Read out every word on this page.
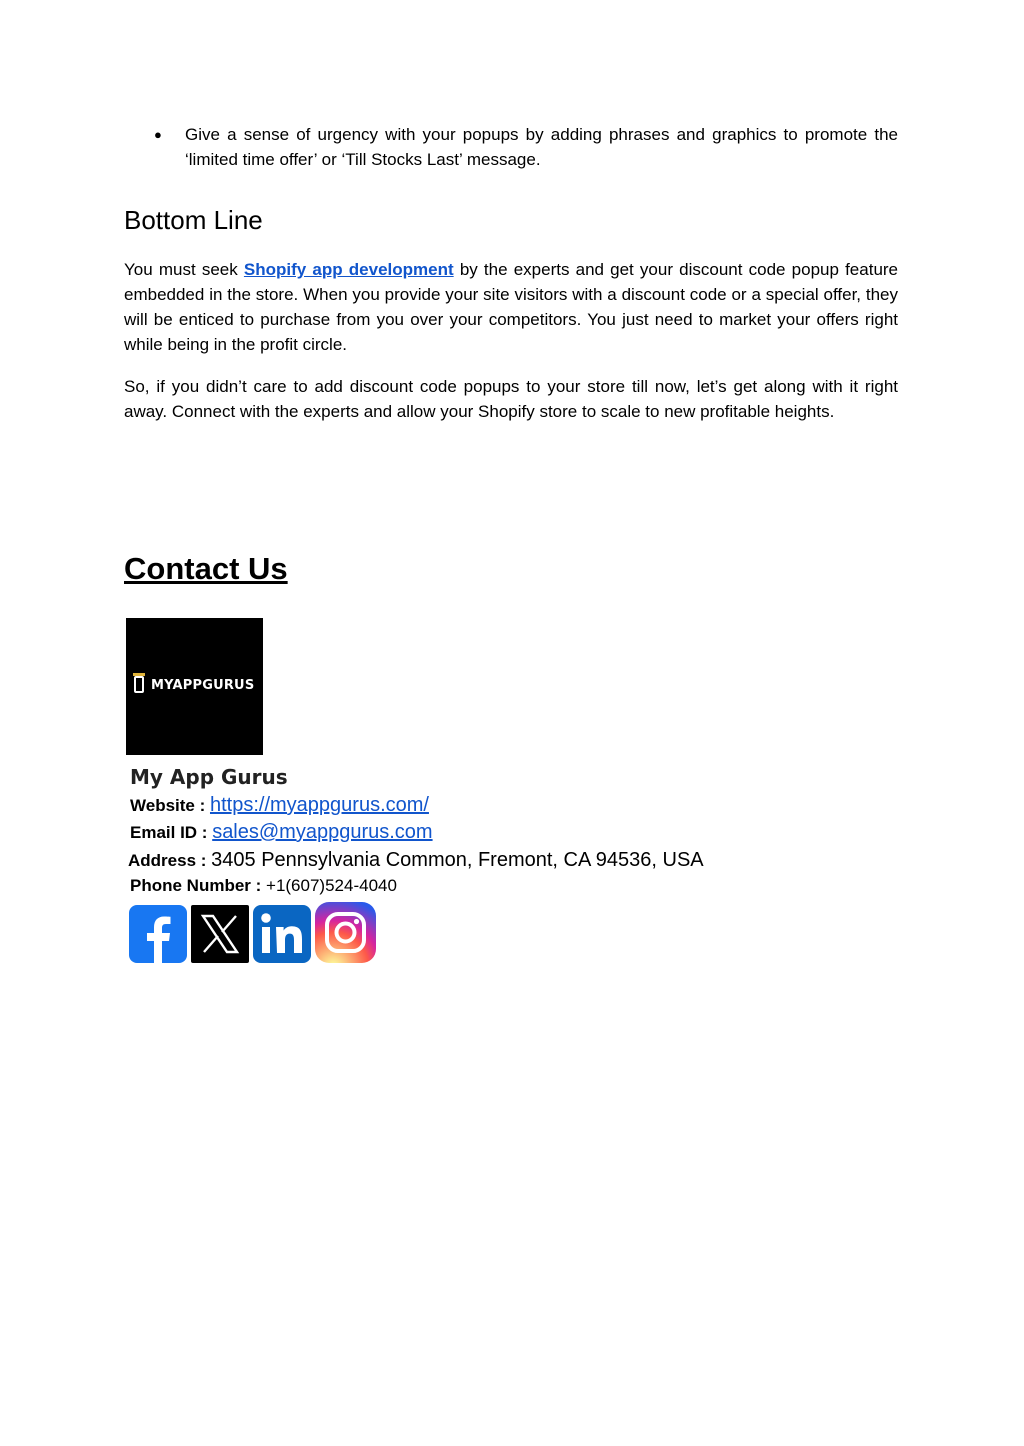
● Give a sense of urgency with your popups by adding phrases and graphics to promote the ‘limited time offer’ or ‘Till Stocks Last’ message.
Bottom Line

You must seek Shopify app development by the experts and get your discount code popup feature embedded in the store. When you provide your site visitors with a discount code or a special offer, they will be enticed to purchase from you over your competitors. You just need to market your offers right while being in the profit circle.

So, if you didn’t care to add discount code popups to your store till now, let’s get along with it right away. Connect with the experts and allow your Shopify store to scale to new profitable heights.

Contact Us
MYAPPGURUS
My App Gurus
Website : https://myappgurus.com/
Email ID : sales@myappgurus.com
Address : 3405 Pennsylvania Common, Fremont, CA 94536, USA
Phone Number : +1(607)524-4040
